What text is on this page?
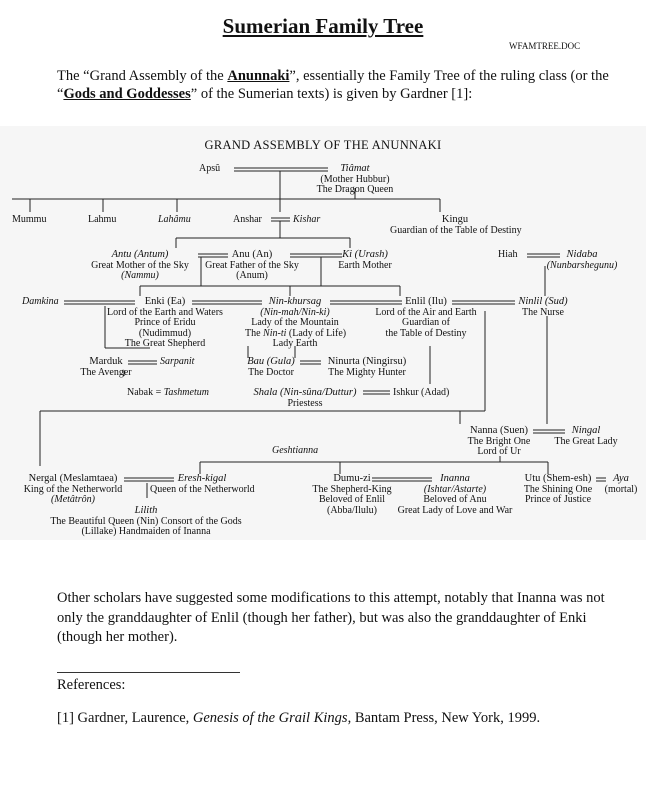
Sumerian Family Tree
WFAMTREE.DOC
The “Grand Assembly of the Anunnaki”, essentially the Family Tree of the ruling class (or the “Gods and Goddesses” of the Sumerian texts) is given by Gardner [1]:
GRAND ASSEMBLY OF THE ANUNNAKI
Apsû	Tiâmat
(Mother Hubbur)
The Dragon Queen
Mummu	Lahmu	Lahâmu	Anshar	Kishar	Kingu
Guardian of the Table of Destiny
Antu (Antum)
Great Mother of the Sky
(Nammu)
Anu (An)
Great Father of the Sky
(Anum)
Ki (Urash)
Earth Mother
Hiah	Nidaba
(Nunbarshegunu)
Damkina	Enki (Ea)
Lord of the Earth and Waters
Prince of Eridu
(Nudimmud)
The Great Shepherd
Nin-khursag
(Nin-mah/Nin-ki)
Lady of the Mountain
The Nin-ti (Lady of Life)
Lady Earth
Enlil (Ilu)
Lord of the Air and Earth
Guardian of
the Table of Destiny
Ninlil (Sud)
The Nurse
Marduk
The Avenger
Sarpanit	Bau (Gula)
The Doctor
Ninurta (Ningirsu)
The Mighty Hunter
Nabak = Tashmetum	Shala (Nin-sûna/Duttur)
Priestess
Ishkur (Adad)
Nanna (Suen)
The Bright One
Lord of Ur
Ningal
The Great Lady
Geshtianna
Nergal (Meslamtaea)
King of the Netherworld
(Metâtrôn)
Eresh-kigal
Queen of the Netherworld
Lilith
The Beautiful Queen (Nin) Consort of the Gods
(Lillake) Handmaiden of Inanna
Dumu-zi
The Shepherd-King
Beloved of Enlil
(Abba/Ilulu)
Inanna
(Ishtar/Astarte)
Beloved of Anu
Great Lady of Love and War
Utu (Shem-esh)
The Shining One
Prince of Justice
Aya
(mortal)
Other scholars have suggested some modifications to this attempt, notably that Inanna was not only the granddaughter of Enlil (though her father), but was also the granddaughter of Enki (though her mother).
References:
[1] Gardner, Laurence, Genesis of the Grail Kings, Bantam Press, New York, 1999.
